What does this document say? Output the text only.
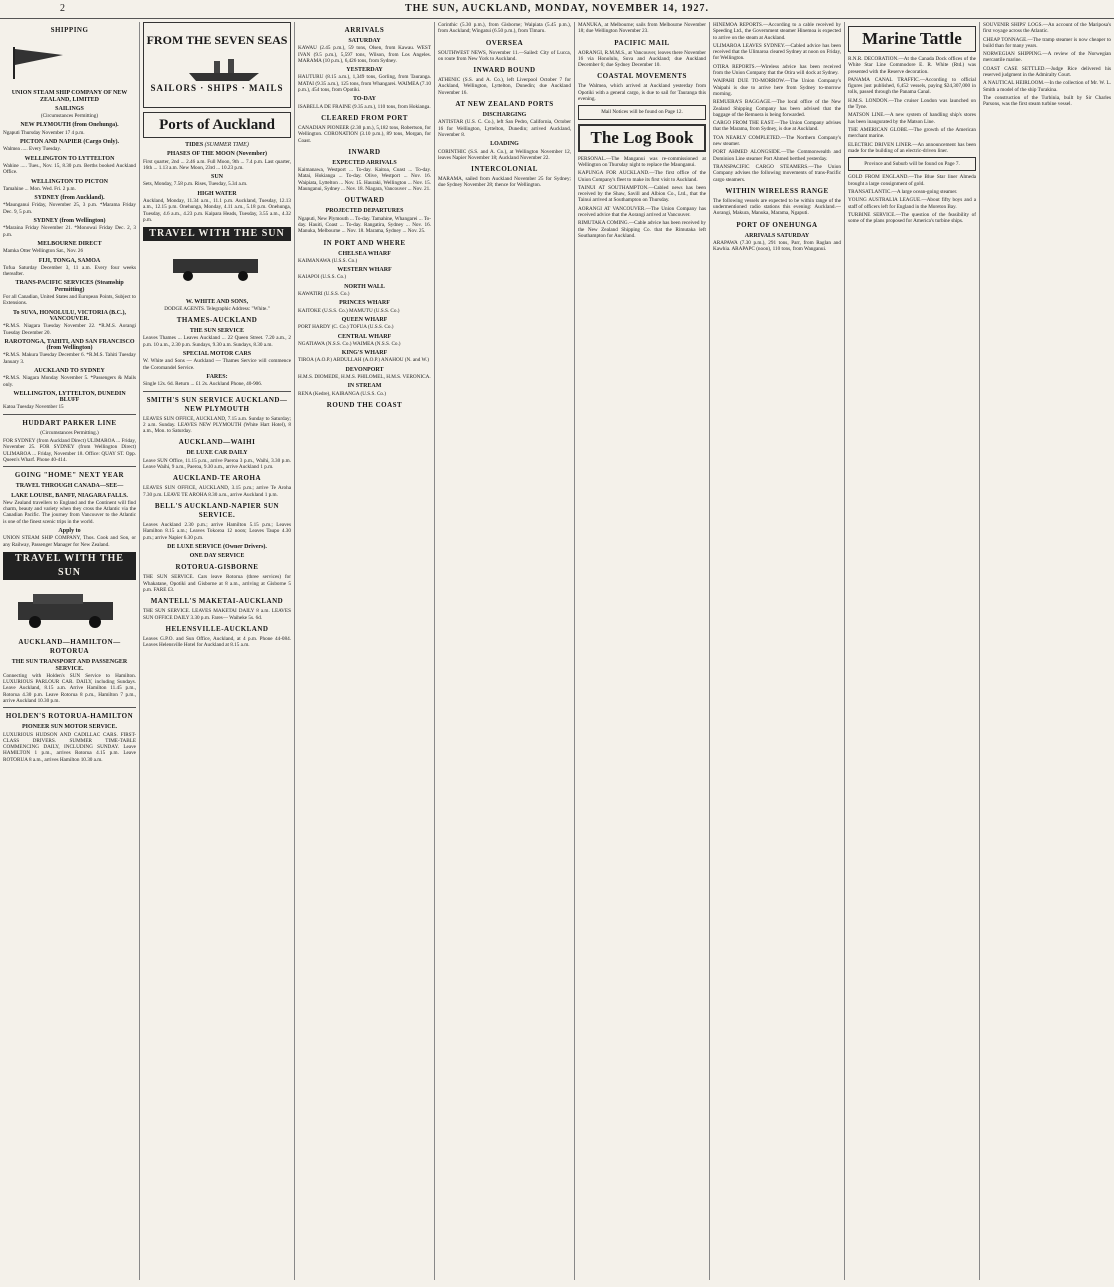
2	THE SUN, AUCKLAND, MONDAY, NOVEMBER 14, 1927.
SHIPPING
UNION STEAM SHIP COMPANY OF NEW ZEALAND, LIMITED
SAILINGS

(Circumstances Permitting)

NEW PLYMOUTH (from Onehunga).

Ngaputi Thursday November 17 4 p.m.

PICTON AND NAPIER (Cargo Only).

Walmea ..... Every Tuesday.

WELLINGTON TO LYTTELTON

Wahine ..... Tues., Nov. 15, 8.30 p.m. Berths booked Auckland Office.

WELLINGTON TO PICTON

Tamahine ... Mon. Wed. Fri. 2 p.m.

SYDNEY (from Auckland).

*Maunganui Friday, November 25, 3 p.m. *Marama Friday Dec. 9, 5 p.m.

SYDNEY (from Wellington)

*Maraina Friday November 21. *Monowai Friday Dec. 2, 3 p.m.

MELBOURNE DIRECT

Mamka Otter Wellington Sat., Nov. 26

FIJI, TONGA, SAMOA

Tofua Saturday December 3, 11 a.m. Every four weeks thereafter.

TRANS-PACIFIC SERVICES (Steamship Permitting)

For all Canadian, United States and European Points, Subject to Extensions.

To SUVA, HONOLULU, VICTORIA (B.C.), VANCOUVER.

*R.M.S. Niagara Tuesday November 22. *R.M.S. Aorangi Tuesday December 20.

RAROTONGA, TAHITI, AND SAN FRANCISCO (from Wellington)

*R.M.S. Makura Tuesday December 6. *R.M.S. Tahiti Tuesday January 3.

AUCKLAND TO SYDNEY

*R.M.S. Niagara Monday November 5. *Passengers & Mails only.

WELLINGTON, LYTTELTON, DUNEDIN BLUFF

Katoa Tuesday November 15

HUDDART PARKER LINE

(Circumstances Permitting.)

FOR SYDNEY (from Auckland Direct) ULIMAROA ... Friday, November 25. FOR SYDNEY (from Wellington Direct) ULIMAROA ... Friday, November 18. Office: QUAY ST. Opp. Queen's Wharf. Phone 40-414.

GOING "HOME" NEXT YEAR
TRAVEL THROUGH CANADA—SEE—
LAKE LOUISE, BANFF, NIAGARA FALLS.

New Zealand travellers to England and the Continent will find charm, beauty and variety when they cross the Atlantic via the Canadian Pacific. The journey from Vancouver to the Atlantic is one of the finest scenic trips in the world.

Apply to

UNION STEAM SHIP COMPANY, Thos. Cook and Son, or any Railway, Passenger Manager for New Zealand.

TRAVEL WITH THE SUN
AUCKLAND—HAMILTON—ROTORUA
THE SUN TRANSPORT AND PASSENGER SERVICE.

Connecting with Holden's SUN Service to Hamilton. LUXURIOUS PARLOUR CAR. DAILY, including Sundays. Leave Auckland, 8.15 a.m. Arrive Hamilton 11.45 p.m., Rotorua 4.30 p.m. Leave Rotorua 8 p.m., Hamilton 7 p.m., arrive Auckland 10.30 p.m.

HOLDEN'S ROTORUA-HAMILTON
PIONEER SUN MOTOR SERVICE.

LUXURIOUS HUDSON AND CADILLAC CARS. FIRST-CLASS DRIVERS. SUMMER TIME-TABLE COMMENCING DAILY, INCLUDING SUNDAY. Leave HAMILTON 1 p.m., arrives Rotorua 4.15 p.m. Leave ROTORUA 8 a.m., arrives Hamilton 10.30 a.m.

FROM THE SEVEN SEAS
SAILORS · SHIPS · MAILS
Ports of Auckland
TIDES (SUMMER TIME)
PHASES OF THE MOON (November)

First quarter, 2nd ... 2.46 a.m. Full Moon, 9th ... 7.4 p.m. Last quarter, 16th ... 1.13 a.m. New Moon, 23rd ... 10.23 p.m.

SUN

Sets, Monday, 7.58 p.m. Rises, Tuesday, 5.34 a.m.

HIGH WATER

Auckland, Monday, 11.34 a.m., 11.1 p.m. Auckland, Tuesday, 12.13 a.m., 12.15 p.m. Onehunga, Monday, 4.11 a.m., 5.18 p.m. Onehunga, Tuesday, 4.6 a.m., 4.23 p.m. Kaipara Heads, Tuesday, 3.55 a.m., 4.32 p.m.

TRAVEL WITH THE SUN
W. WHITE AND SONS,

DODGE AGENTS. Telegraphic Address: "White."

THAMES-AUCKLAND
THE SUN SERVICE

Leaves Thames ... Leaves Auckland ... 22 Queen Street. 7.20 a.m., 2 p.m. 10 a.m., 2.30 p.m. Sundays, 9.30 a.m. Sundays, 8.30 a.m.

SPECIAL MOTOR CARS

W. White and Sons — Auckland — Thames Service will commence the Coromandel Service.

FARES:

Single 12s. 6d. Return ... £1 2s. Auckland Phone, 40-906.

SMITH'S SUN SERVICE AUCKLAND—NEW PLYMOUTH

LEAVES SUN OFFICE, AUCKLAND, 7.15 a.m. Sunday to Saturday; 2 a.m. Sunday. LEAVES NEW PLYMOUTH (White Hart Hotel), 8 a.m., Mon. to Saturday.

AUCKLAND—WAIHI
DE LUXE CAR DAILY

Leave SUN Office, 11.15 p.m., arrive Paeroa 3 p.m., Waihi, 3.30 p.m. Leave Waihi, 9 a.m., Paeroa, 9.30 a.m., arrive Auckland 1 p.m.

AUCKLAND-TE AROHA

LEAVES SUN OFFICE, AUCKLAND, 3.15 p.m.; arrive Te Aroha 7.30 p.m. LEAVE TE AROHA 8.30 a.m., arrive Auckland 1 p.m.

BELL'S AUCKLAND-NAPIER SUN SERVICE.

Leaves Auckland 2.30 p.m.; arrive Hamilton 5.15 p.m.; Leaves Hamilton 8.15 a.m.; Leaves Tokoroa 12 noon; Leaves Taupo 4.30 p.m.; arrive Napier 6.30 p.m.

DE LUXE SERVICE (Owner Drivers).
ONE DAY SERVICE
ROTORUA-GISBORNE

THE SUN SERVICE. Cars leave Rotorua (three services) for Whakatane, Opotiki and Gisborne at 8 a.m., arriving at Gisborne 5 p.m. FARE £3.

MANTELL'S MAKETAI-AUCKLAND

THE SUN SERVICE. LEAVES MAKETAI DAILY 8 a.m. LEAVES SUN OFFICE DAILY 3.30 p.m. Fares— Waiheke 5s. 6d.

HELENSVILLE-AUCKLAND

Leaves G.P.O. and Sun Office, Auckland, at 4 p.m. Phone 44-084. Leaves Helensville Hotel for Auckland at 8.15 a.m.

ARRIVALS
SATURDAY

KAWAU (2.45 p.m.), 59 tons, Olsen, from Kawau. WEST IVAN (9.5 p.m.), 5,597 tons, Wilson, from Los Angeles. MARAMA (10 p.m.), 6,426 tons, from Sydney.

YESTERDAY

HAUTURU (8.15 a.m.), 1,349 tons, Gorling, from Tauranga. MATAI (9.35 a.m.), 125 tons, from Whangarei. WAIMEA (7.10 p.m.), 454 tons, from Opotiki.

TO-DAY

ISABELLA DE FRAINE (9.35 a.m.), 110 tons, from Hokianga.

CLEARED FROM PORT

CANADIAN PIONEER (2.30 p.m.), 5,182 tons, Robertson, for Wellington. CORONATION (3.10 p.m.), 89 tons, Morgan, for Coast.

INWARD
EXPECTED ARRIVALS

Kaimanawa, Westport ... To-day. Kaitoa, Coast ... To-day. Matai, Hokianga ... To-day. Olive, Westport ... Nov. 16. Waipiata, Lyttelton ... Nov. 15. Hauraki, Wellington ... Nov. 15. Maunganui, Sydney ... Nov. 18. Niagara, Vancouver ... Nov. 21.

OUTWARD
PROJECTED DEPARTURES

Ngaputi, New Plymouth ... To-day. Tamahine, Whangarei ... To-day. Hauiti, Coast ... To-day. Rangatira, Sydney ... Nov. 16. Manuka, Melbourne ... Nov. 18. Marama, Sydney ... Nov. 25.

IN PORT AND WHERE
CHELSEA WHARF

KAIMANAWA (U.S.S. Co.)

WESTERN WHARF

KAIAPOI (U.S.S. Co.)

NORTH WALL

KAWATIRI (U.S.S. Co.)

PRINCES WHARF

KAITOKE (U.S.S. Co.) MAMUTU (U.S.S. Co.)

QUEEN WHARF

PORT HARDY (C. Co.) TOFUA (U.S.S. Co.)

CENTRAL WHARF

NGATIAWA (N.S.S. Co.) WAIMEA (N.S.S. Co.)

KING'S WHARF

TIROA (A.O.P.) ABDULLAH (A.O.P.) ANAHOU (N. and W.)

DEVONPORT

H.M.S. DIOMEDE, H.M.S. PHILOMEL, H.M.S. VERONICA.

IN STREAM

RENA (Kedre), KAIRANGA (U.S.S. Co.)

ROUND THE COAST

Corinthic (5.30 p.m.), from Gisborne; Waipiata (5.45 p.m.), from Auckland; Wingatui (6.50 p.m.), from Timaru.

OVERSEA

SOUTHWEST NEWS, November 11.—Sailed: City of Lucca, on route from New York to Auckland.

INWARD BOUND

ATHENIC (S.S. and A. Co.), left Liverpool October 7 for Auckland, Wellington, Lyttelton, Dunedin; due Auckland November 16.

AT NEW ZEALAND PORTS
DISCHARGING

ANTISTAR (U.S. C. Co.), left San Pedro, California, October 16 for Wellington, Lyttelton, Dunedin; arrived Auckland, November 8.

LOADING

CORINTHIC (S.S. and A. Co.), at Wellington November 12, leaves Napier November 18; Auckland November 22.

INTERCOLONIAL

MARAMA, sailed from Auckland November 25 for Sydney; due Sydney November 28; thence for Wellington.

MANUKA, at Melbourne; sails from Melbourne November 18; due Wellington November 23.

PACIFIC MAIL

AORANGI, R.M.M.S., at Vancouver, leaves there November 16 via Honolulu, Suva and Auckland; due Auckland December 6; due Sydney December 10.

COASTAL MOVEMENTS

The Walmea, which arrived at Auckland yesterday from Opotiki with a general cargo, is due to sail for Tauranga this evening.

Mail Notices will be found on Page 12.
The Log Book

PERSONAL.—The Manganui was re-commissioned at Wellington on Thursday night to replace the Maunganui.

KAPUNGA FOR AUCKLAND.—The first office of the Union Company's fleet to make its first visit to Auckland.

TAINUI AT SOUTHAMPTON.—Cabled news has been received by the Shaw, Savill and Albion Co., Ltd., that the Tainui arrived at Southampton on Thursday.

AORANGI AT VANCOUVER.—The Union Company has received advice that the Aorangi arrived at Vancouver.

RIMUTAKA COMING.—Cable advice has been received by the New Zealand Shipping Co. that the Rimutaka left Southampton for Auckland.

HINEMOA REPORTS.—According to a cable received by Speeding Ltd., the Government steamer Hinemoa is expected to arrive on the steam at Auckland.

ULIMAROA LEAVES SYDNEY.—Cabled advice has been received that the Ulimaroa cleared Sydney at noon on Friday, for Wellington.

OTIRA REPORTS.—Wireless advice has been received from the Union Company that the Otira will dock at Sydney.

WAIPAHI DUE TO-MORROW.—The Union Company's Waipahi is due to arrive here from Sydney to-morrow morning.

REMUERA'S BAGGAGE.—The local office of the New Zealand Shipping Company has been advised that the baggage of the Remuera is being forwarded.

CARGO FROM THE EAST.—The Union Company advises that the Marama, from Sydney, is due at Auckland.

TOA NEARLY COMPLETED.—The Northern Company's new steamer.

PORT AHMED ALONGSIDE.—The Commonwealth and Dominion Line steamer Port Ahmed berthed yesterday.

TRANSPACIFIC CARGO STEAMERS.—The Union Company advises the following movements of trans-Pacific cargo steamers.

WITHIN WIRELESS RANGE

The following vessels are expected to be within range of the undermentioned radio stations this evening: Auckland.—Aorangi, Makura, Manuka, Marama, Ngaputi.

PORT OF ONEHUNGA
ARRIVALS SATURDAY

ARAPAWA (7.30 p.m.), 291 tons, Parr, from Raglan and Kawhia. ARAPAPC (noon), 110 tons, from Wanganui.

Marine Tattle

R.N.R. DECORATION.—At the Canada Dock offices of the White Star Line Commodore E. R. White (Rtd.) was presented with the Reserve decoration.

PANAMA CANAL TRAFFIC.—According to official figures just published, 6,452 vessels, paying $24,307,000 in tolls, passed through the Panama Canal.

H.M.S. LONDON.—The cruiser London was launched on the Tyne.

MATSON LINE.—A new system of handling ship's stores has been inaugurated by the Matson Line.

THE AMERICAN GLOBE.—The growth of the American merchant marine.

ELECTRIC DRIVEN LINER.—An announcement has been made for the building of an electric-driven liner.

Province and Suburb will be found on Page 7.

GOLD FROM ENGLAND.—The Blue Star liner Almeda brought a large consignment of gold.

TRANSATLANTIC.—A large ocean-going steamer.

YOUNG AUSTRALIA LEAGUE.—About fifty boys and a staff of officers left for England in the Moreton Bay.

TURBINE SERVICE.—The question of the feasibility of some of the plans proposed for America's turbine ships.

SOUVENIR SHIPS' LOGS.—An account of the Mariposa's first voyage across the Atlantic.

CHEAP TONNAGE.—The tramp steamer is now cheaper to build than for many years.

NORWEGIAN SHIPPING.—A review of the Norwegian mercantile marine.

COAST CASE SETTLED.—Judge Rice delivered his reserved judgment in the Admiralty Court.

A NAUTICAL HEIRLOOM.—In the collection of Mr. W. L. Smith a model of the ship Turakina.

The construction of the Turbinia, built by Sir Charles Parsons, was the first steam turbine vessel.
